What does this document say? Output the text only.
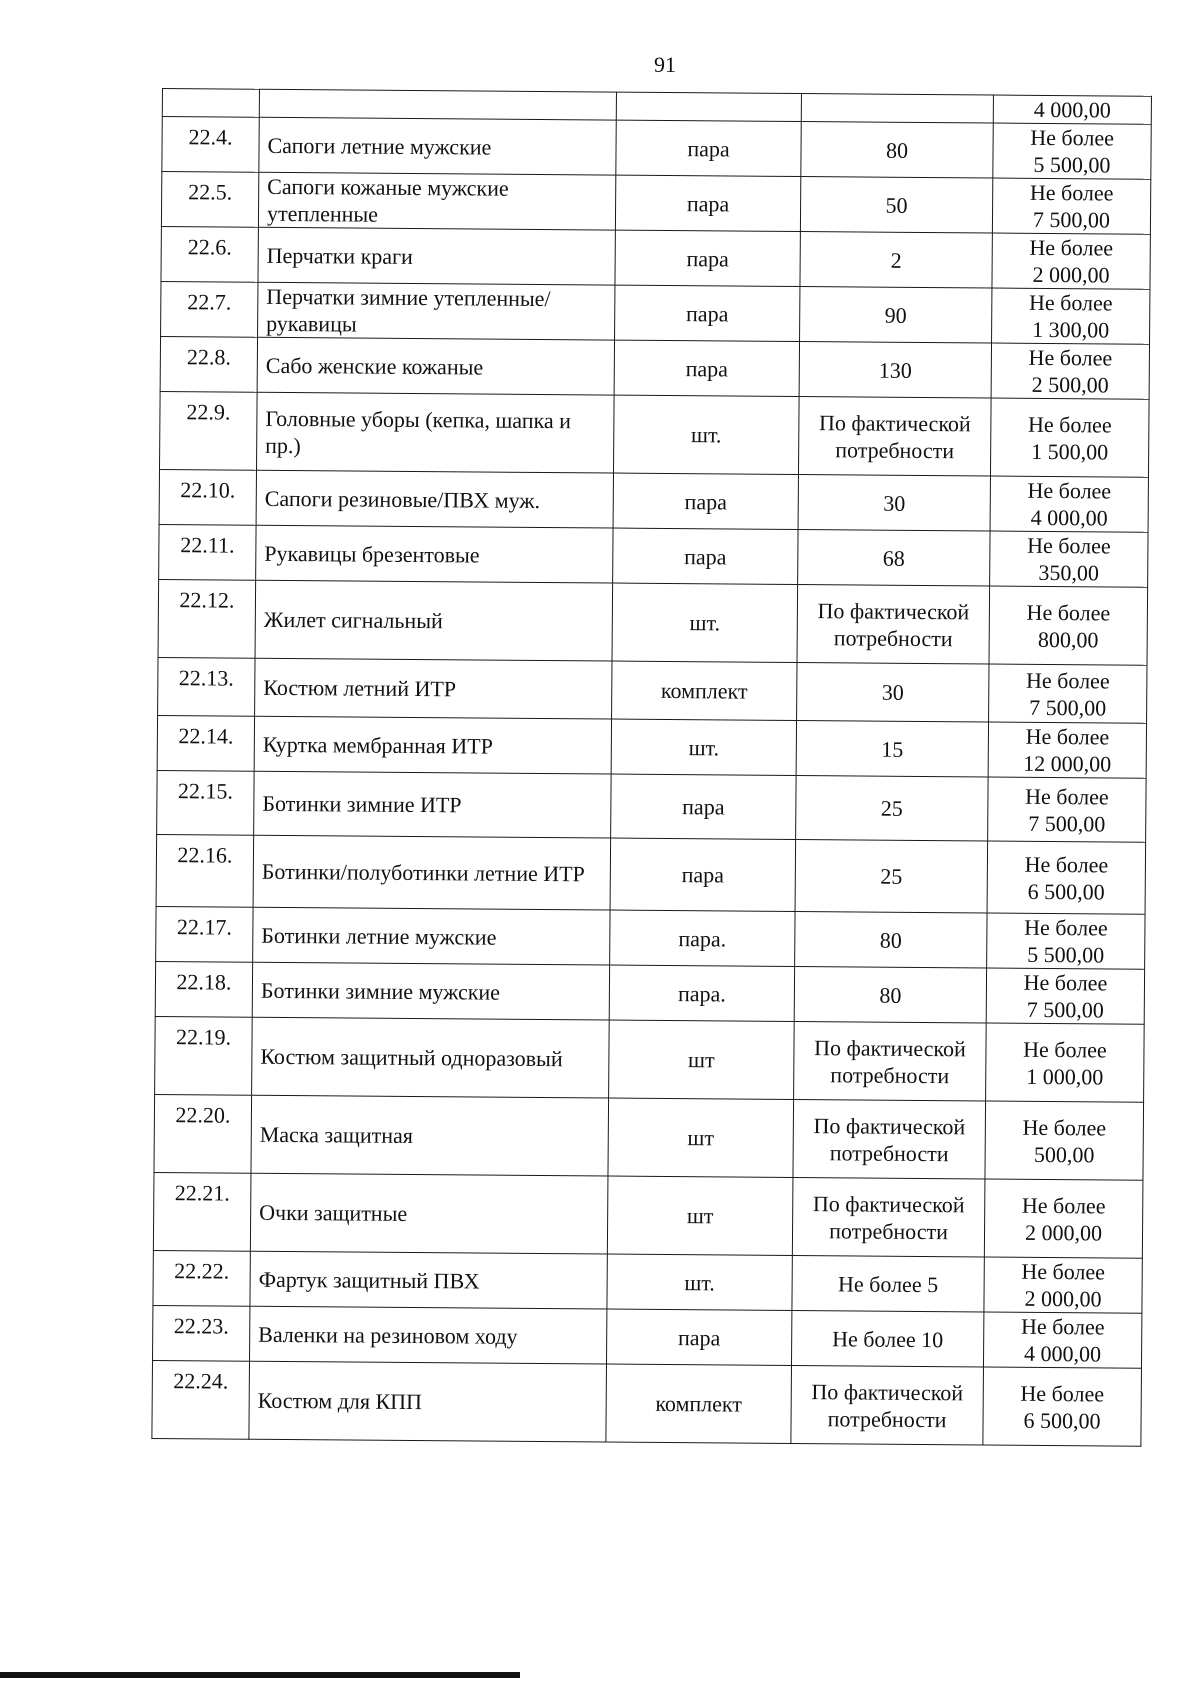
91
				4 000,00
22.4.	Сапоги летние мужские	пара	80	Не более
5 500,00

22.5.	Сапоги кожаные мужские утепленные	пара	50	Не более
7 500,00

22.6.	Перчатки краги	пара	2	Не более
2 000,00

22.7.	Перчатки зимние утепленные/рукавицы	пара	90	Не более
1 300,00

22.8.	Сабо женские кожаные	пара	130	Не более
2 500,00

22.9.	Головные уборы (кепка, шапка и пр.)	шт.	По фактической потребности	Не более
1 500,00

22.10.	Сапоги резиновые/ПВХ муж.	пара	30	Не более
4 000,00

22.11.	Рукавицы брезентовые	пара	68	Не более
350,00

22.12.	Жилет сигнальный	шт.	По фактической потребности	Не более
800,00

22.13.	Костюм летний ИТР	комплект	30	Не более
7 500,00

22.14.	Куртка мембранная ИТР	шт.	15	Не более
12 000,00

22.15.	Ботинки зимние ИТР	пара	25	Не более
7 500,00

22.16.	Ботинки/полуботинки летние ИТР	пара	25	Не более
6 500,00

22.17.	Ботинки летние мужские	пара.	80	Не более
5 500,00

22.18.	Ботинки зимние мужские	пара.	80	Не более
7 500,00

22.19.	Костюм защитный одноразовый	шт	По фактической потребности	Не более
1 000,00

22.20.	Маска защитная	шт	По фактической потребности	Не более
500,00

22.21.	Очки защитные	шт	По фактической потребности	Не более
2 000,00

22.22.	Фартук защитный ПВХ	шт.	Не более 5	Не более
2 000,00

22.23.	Валенки на резиновом ходу	пара	Не более 10	Не более
4 000,00

22.24.	Костюм для КПП	комплект	По фактической потребности	Не более
6 500,00
